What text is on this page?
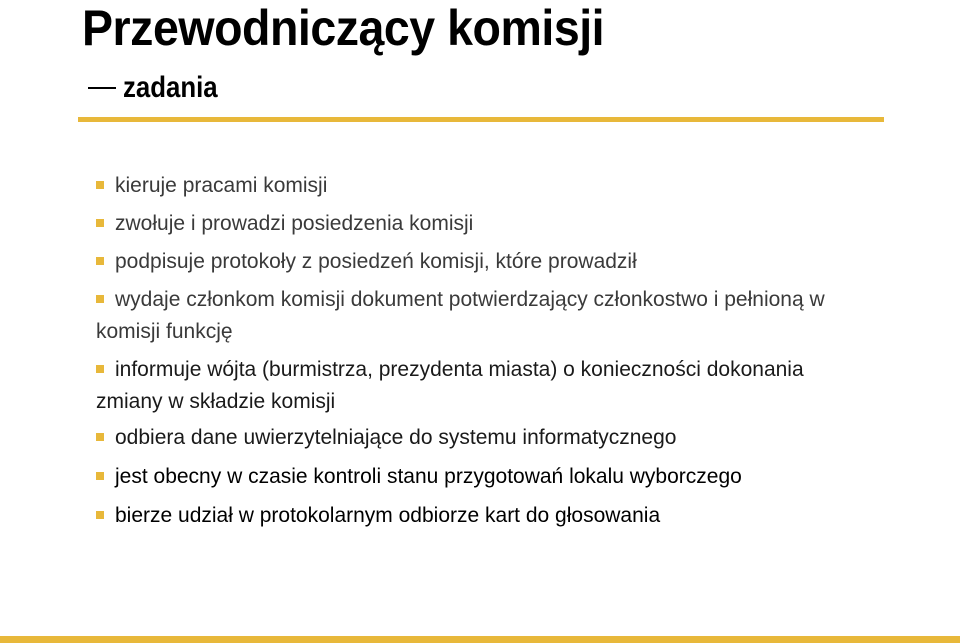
Przewodniczący komisji
zadania
kieruje pracami komisji
zwołuje i prowadzi posiedzenia komisji
podpisuje protokoły z posiedzeń komisji, które prowadził
wydaje członkom komisji dokument potwierdzający członkostwo i pełnioną w
komisji funkcję
informuje wójta (burmistrza, prezydenta miasta) o konieczności dokonania
zmiany w składzie komisji
odbiera dane uwierzytelniające do systemu informatycznego
jest obecny w czasie kontroli stanu przygotowań lokalu wyborczego
bierze udział w protokolarnym odbiorze kart do głosowania
